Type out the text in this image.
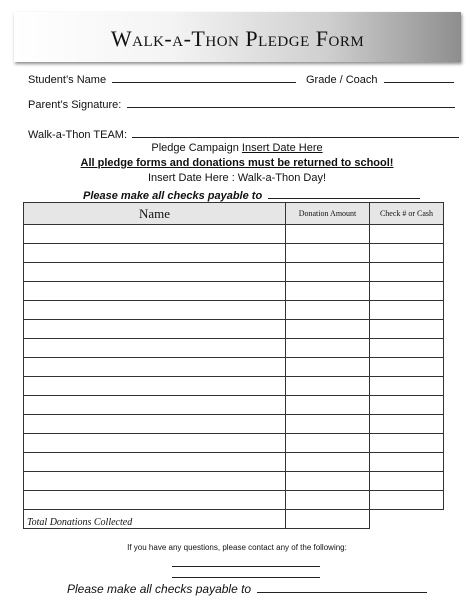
Walk-a-Thon Pledge Form
Student’s Name	Grade / Coach
Parent’s Signature:
Walk-a-Thon TEAM:
Pledge Campaign Insert Date Here
All pledge forms and donations must be returned to school!
Insert Date Here : Walk-a-Thon Day!
Please make all checks payable to
Name	Donation Amount	Check # or Cash

Total Donations Collected		
If you have any questions, please contact any of the following:
Please make all checks payable to
